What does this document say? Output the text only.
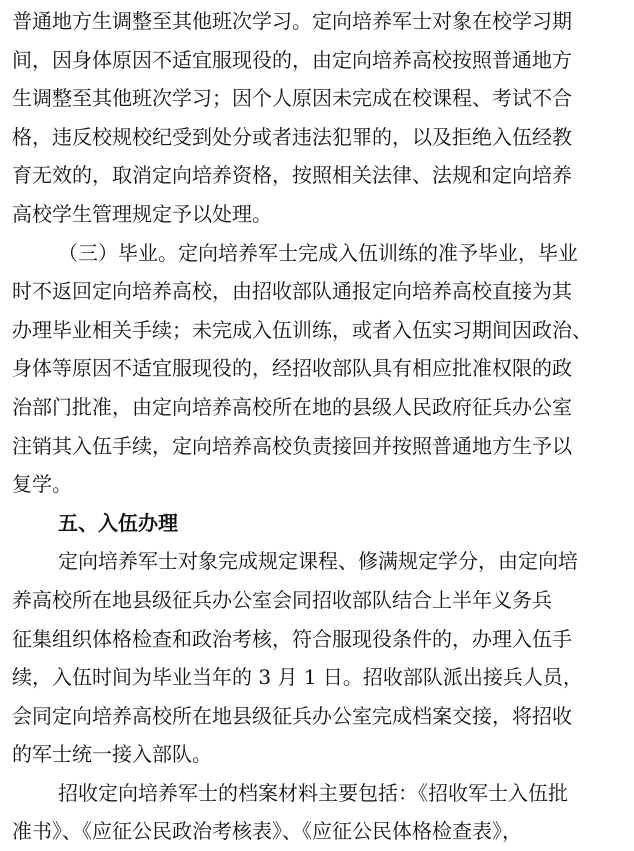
普通地方生调整至其他班次学习。定向培养军士对象在校学习期
间，因身体原因不适宜服现役的，由定向培养高校按照普通地方
生调整至其他班次学习；因个人原因未完成在校课程、考试不合
格，违反校规校纪受到处分或者违法犯罪的，以及拒绝入伍经教
育无效的，取消定向培养资格，按照相关法律、法规和定向培养
高校学生管理规定予以处理。

（三）毕业。定向培养军士完成入伍训练的准予毕业，毕业
时不返回定向培养高校，由招收部队通报定向培养高校直接为其
办理毕业相关手续；未完成入伍训练，或者入伍实习期间因政治、
身体等原因不适宜服现役的，经招收部队具有相应批准权限的政
治部门批准，由定向培养高校所在地的县级人民政府征兵办公室
注销其入伍手续，定向培养高校负责接回并按照普通地方生予以
复学。

五、入伍办理

定向培养军士对象完成规定课程、修满规定学分，由定向培
养高校所在地县级征兵办公室会同招收部队结合上半年义务兵
征集组织体格检查和政治考核，符合服现役条件的，办理入伍手
续，入伍时间为毕业当年的 3 月 1 日。招收部队派出接兵人员，
会同定向培养高校所在地县级征兵办公室完成档案交接，将招收
的军士统一接入部队。

招收定向培养军士的档案材料主要包括：《招收军士入伍批
准书》、《应征公民政治考核表》、《应征公民体格检查表》，
